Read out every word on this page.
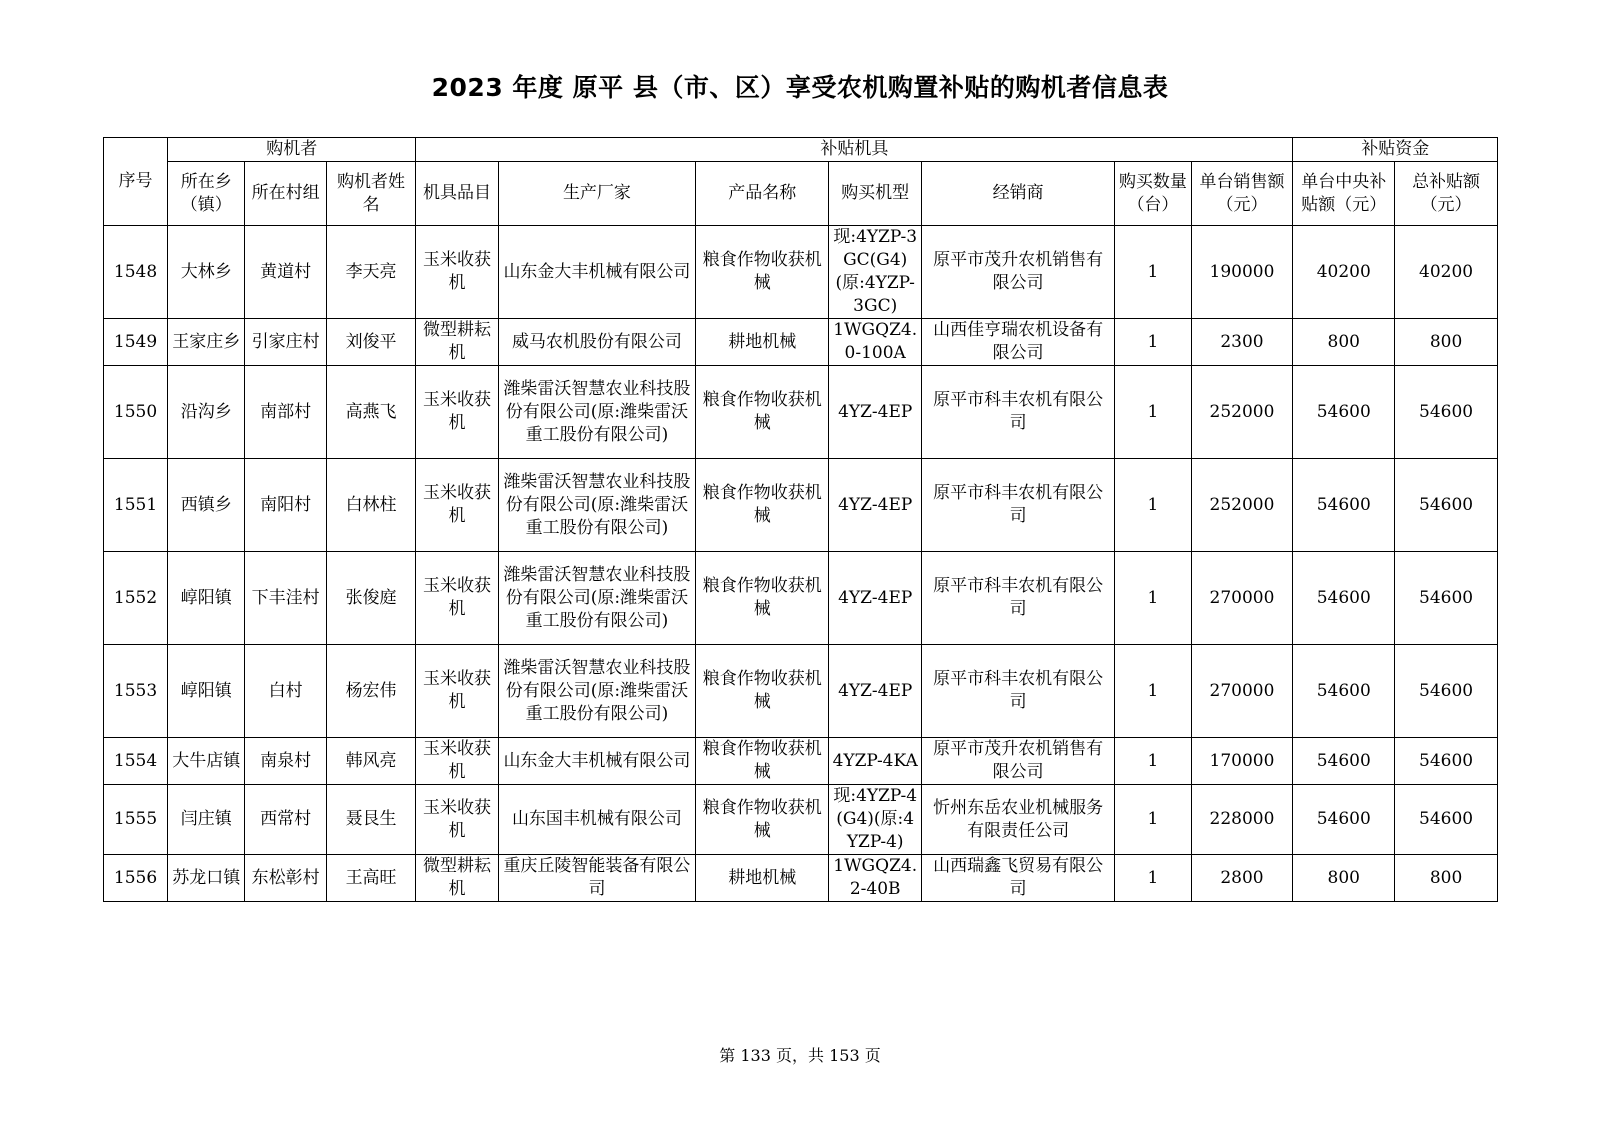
2023 年度 原平 县（市、区）享受农机购置补贴的购机者信息表
序号	购机者			补贴机具							补贴资金	
	所在乡（镇）	所在村组	购机者姓名	机具品目	生产厂家	产品名称	购买机型	经销商	购买数量（台）	单台销售额（元）	单台中央补贴额（元）	总补贴额（元）
1548	大林乡	黄道村	李天亮	玉米收获机	山东金大丰机械有限公司	粮食作物收获机械	现:4YZP-3GC(G4)(原:4YZP-3GC)	原平市茂升农机销售有限公司	1	190000	40200	40200
1549	王家庄乡	引家庄村	刘俊平	微型耕耘机	威马农机股份有限公司	耕地机械	1WGQZ4.0-100A	山西佳亨瑞农机设备有限公司	1	2300	800	800
1550	沿沟乡	南部村	高燕飞	玉米收获机	潍柴雷沃智慧农业科技股份有限公司(原:潍柴雷沃重工股份有限公司)	粮食作物收获机械	4YZ-4EP	原平市科丰农机有限公司	1	252000	54600	54600
1551	西镇乡	南阳村	白林柱	玉米收获机	潍柴雷沃智慧农业科技股份有限公司(原:潍柴雷沃重工股份有限公司)	粮食作物收获机械	4YZ-4EP	原平市科丰农机有限公司	1	252000	54600	54600
1552	崞阳镇	下丰洼村	张俊庭	玉米收获机	潍柴雷沃智慧农业科技股份有限公司(原:潍柴雷沃重工股份有限公司)	粮食作物收获机械	4YZ-4EP	原平市科丰农机有限公司	1	270000	54600	54600
1553	崞阳镇	白村	杨宏伟	玉米收获机	潍柴雷沃智慧农业科技股份有限公司(原:潍柴雷沃重工股份有限公司)	粮食作物收获机械	4YZ-4EP	原平市科丰农机有限公司	1	270000	54600	54600
1554	大牛店镇	南泉村	韩风亮	玉米收获机	山东金大丰机械有限公司	粮食作物收获机械	4YZP-4KA	原平市茂升农机销售有限公司	1	170000	54600	54600
1555	闫庄镇	西常村	聂艮生	玉米收获机	山东国丰机械有限公司	粮食作物收获机械	现:4YZP-4(G4)(原:4YZP-4)	忻州东岳农业机械服务有限责任公司	1	228000	54600	54600
1556	苏龙口镇	东松彰村	王高旺	微型耕耘机	重庆丘陵智能装备有限公司	耕地机械	1WGQZ4.2-40B	山西瑞鑫飞贸易有限公司	1	2800	800	800
第 133 页，共 153 页
